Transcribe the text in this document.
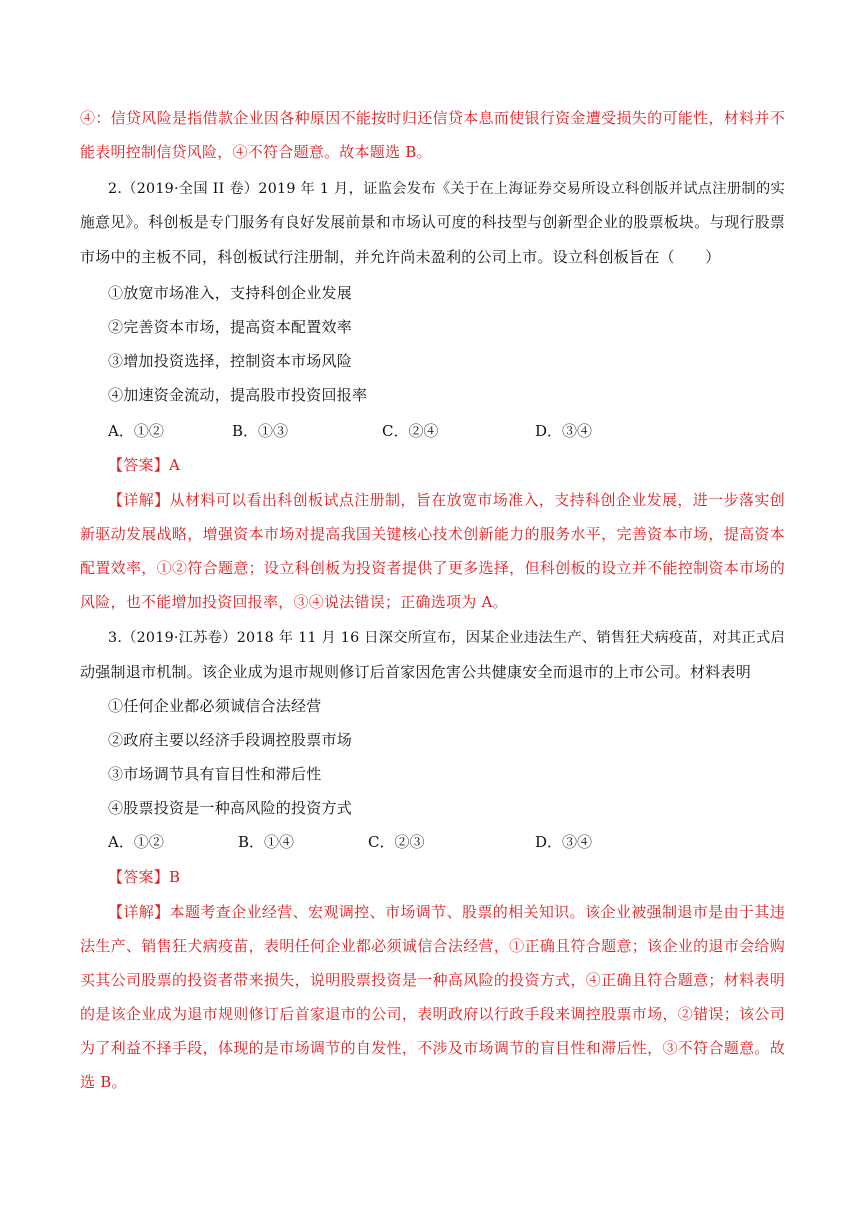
④：信贷风险是指借款企业因各种原因不能按时归还信贷本息而使银行资金遭受损失的可能性，材料并不
能表明控制信贷风险，④不符合题意。故本题选 B。
2.（2019·全国 II 卷）2019 年 1 月，证监会发布《关于在上海证券交易所设立科创版并试点注册制的实
施意见》。科创板是专门服务有良好发展前景和市场认可度的科技型与创新型企业的股票板块。与现行股票
市场中的主板不同，科创板试行注册制，并允许尚未盈利的公司上市。设立科创板旨在（　　）
①放宽市场准入，支持科创企业发展
②完善资本市场，提高资本配置效率
③增加投资选择，控制资本市场风险
④加速资金流动，提高股市投资回报率
A．①②	B．①③	C．②④	D．③④
【答案】A
【详解】从材料可以看出科创板试点注册制，旨在放宽市场准入，支持科创企业发展，进一步落实创
新驱动发展战略，增强资本市场对提高我国关键核心技术创新能力的服务水平，完善资本市场，提高资本
配置效率，①②符合题意；设立科创板为投资者提供了更多选择，但科创板的设立并不能控制资本市场的
风险，也不能增加投资回报率，③④说法错误；正确选项为 A。
3.（2019·江苏卷）2018 年 11 月 16 日深交所宣布，因某企业违法生产、销售狂犬病疫苗，对其正式启
动强制退市机制。该企业成为退市规则修订后首家因危害公共健康安全而退市的上市公司。材料表明
①任何企业都必须诚信合法经营
②政府主要以经济手段调控股票市场
③市场调节具有盲目性和滞后性
④股票投资是一种高风险的投资方式
A．①②	B．①④	C．②③	D．③④
【答案】B
【详解】本题考查企业经营、宏观调控、市场调节、股票的相关知识。该企业被强制退市是由于其违
法生产、销售狂犬病疫苗，表明任何企业都必须诚信合法经营，①正确且符合题意；该企业的退市会给购
买其公司股票的投资者带来损失，说明股票投资是一种高风险的投资方式，④正确且符合题意；材料表明
的是该企业成为退市规则修订后首家退市的公司，表明政府以行政手段来调控股票市场，②错误；该公司
为了利益不择手段，体现的是市场调节的自发性，不涉及市场调节的盲目性和滞后性，③不符合题意。故
选 B。
